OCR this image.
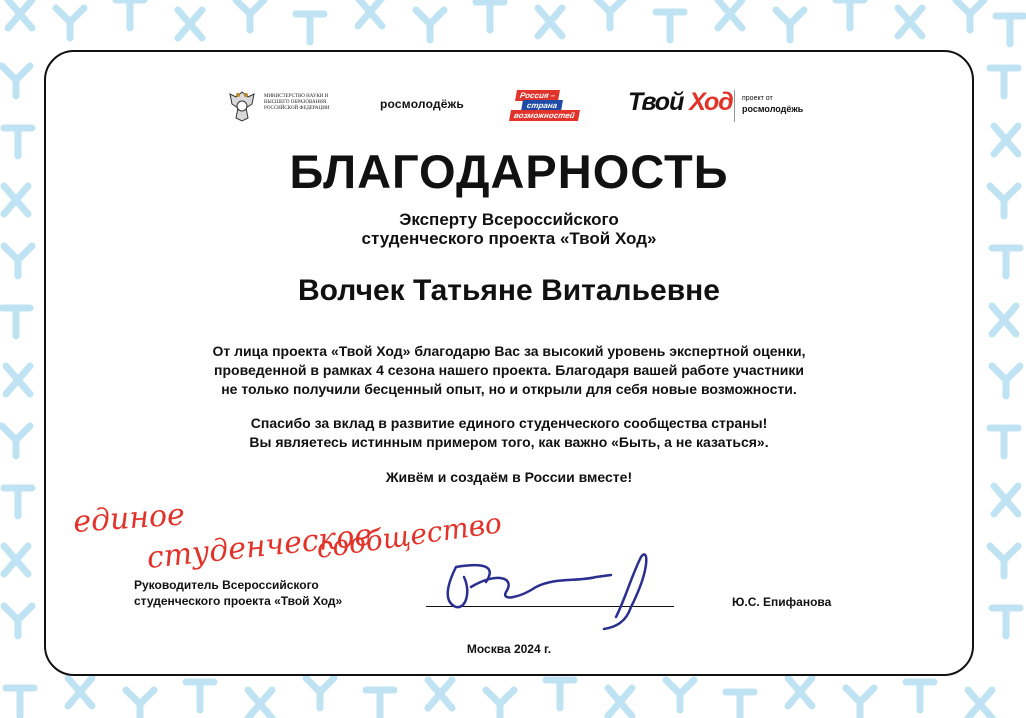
МИНИСТЕРСТВО НАУКИ И ВЫСШЕГО ОБРАЗОВАНИЯ РОССИЙСКОЙ ФЕДЕРАЦИИ	росмолодёжь
Россия –
страна
возможностей Твой Ход проект от
росмолодёжь
БЛАГОДАРНОСТЬ
Эксперту Всероссийского
студенческого проекта «Твой Ход»
Волчек Татьяне Витальевне
От лица проекта «Твой Ход» благодарю Вас за высокий уровень экспертной оценки,
проведенной в рамках 4 сезона нашего проекта. Благодаря вашей работе участники
не только получили бесценный опыт, но и открыли для себя новые возможности.
Спасибо за вклад в развитие единого студенческого сообщества страны!
Вы являетесь истинным примером того, как важно «Быть, а не казаться».
Живём и создаём в России вместе!
единое
студенческое
сообщество
Руководитель Всероссийского
студенческого проекта «Твой Ход»	Ю.С. Епифанова
Москва 2024 г.
